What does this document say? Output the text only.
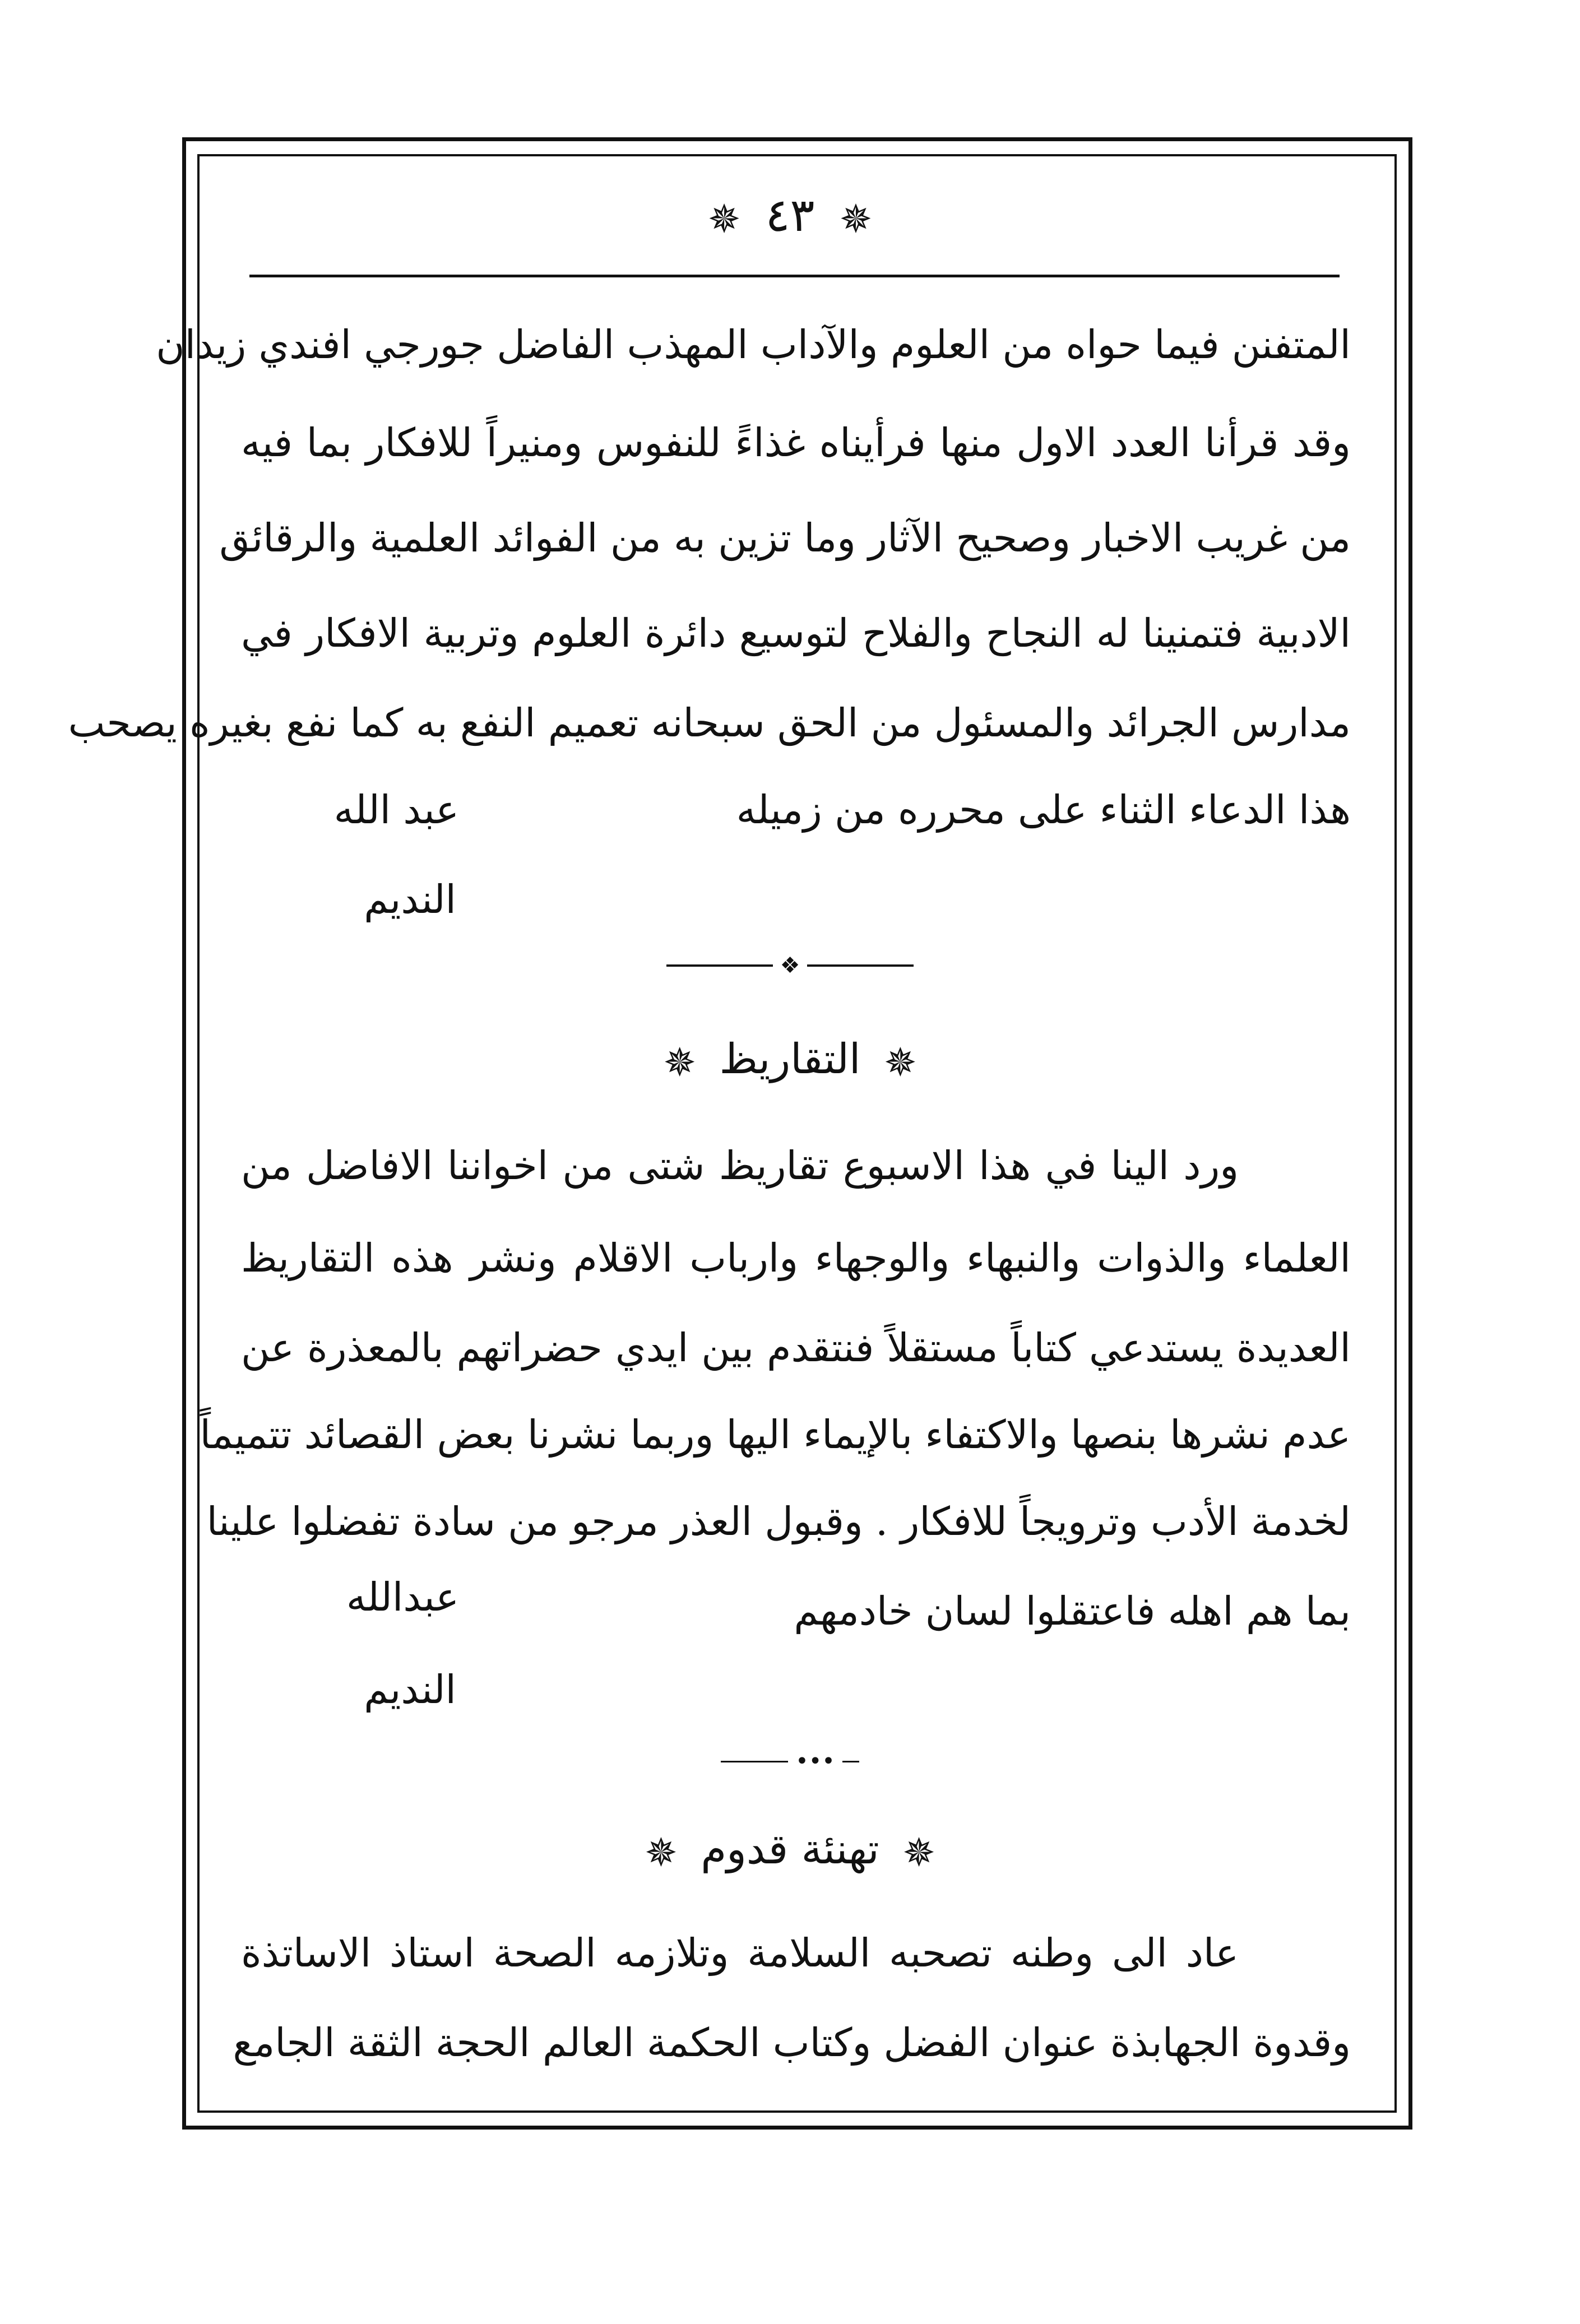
✵ ٤٣ ✵
المتفنن فيما حواه من العلوم والآداب المهذب الفاضل جورجي افندي زيدان
وقد قرأنا العدد الاول منها فرأيناه غذاءً للنفوس ومنيراً للافكار بما فيه
من غريب الاخبار وصحيح الآثار وما تزين به من الفوائد العلمية والرقائق
الادبية فتمنينا له النجاح والفلاح لتوسيع دائرة العلوم وتربية الافكار في
مدارس الجرائد والمسئول من الحق سبحانه تعميم النفع به كما نفع بغيره يصحب
هذا الدعاء الثناء على محرره من زميله
عبد الله
النديم
❖
✵ التقاريظ ✵
ورد الينا في هذا الاسبوع تقاريظ شتى من اخواننا الافاضل من
العلماء والذوات والنبهاء والوجهاء وارباب الاقلام ونشر هذه التقاريظ
العديدة يستدعي كتاباً مستقلاً فنتقدم بين ايدي حضراتهم بالمعذرة عن
عدم نشرها بنصها والاكتفاء بالإيماء اليها وربما نشرنا بعض القصائد تتميماً
لخدمة الأدب وترويجاً للافكار . وقبول العذر مرجو من سادة تفضلوا علينا
بما هم اهله فاعتقلوا لسان خادمهم
عبدالله
النديم
•••
✵ تهنئة قدوم ✵
عاد الى وطنه تصحبه السلامة وتلازمه الصحة استاذ الاساتذة
وقدوة الجهابذة عنوان الفضل وكتاب الحكمة العالم الحجة الثقة الجامع
